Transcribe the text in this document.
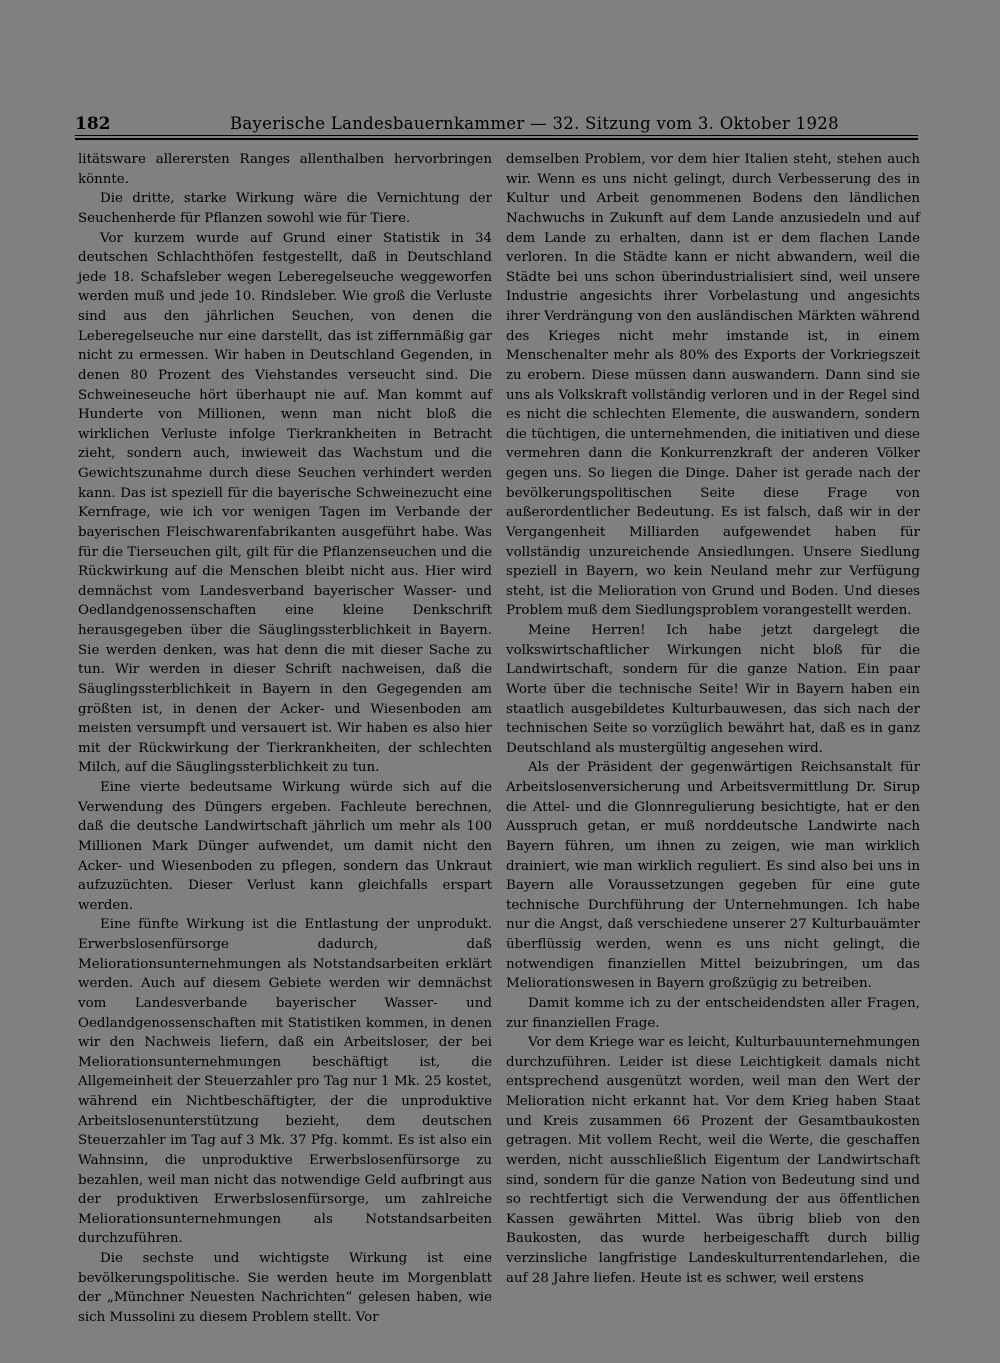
182	Bayerische Landesbauernkammer — 32. Sitzung vom 3. Oktober 1928

litätsware allerersten Ranges allenthalben hervorbringen könnte.

Die dritte, starke Wirkung wäre die Vernichtung der Seuchenherde für Pflanzen sowohl wie für Tiere.

Vor kurzem wurde auf Grund einer Statistik in 34 deutschen Schlachthöfen festgestellt, daß in Deutschland jede 18. Schafsleber wegen Leberegelseuche weggeworfen werden muß und jede 10. Rindsleber. Wie groß die Verluste sind aus den jährlichen Seuchen, von denen die Leberegelseuche nur eine darstellt, das ist ziffernmäßig gar nicht zu ermessen. Wir haben in Deutschland Gegenden, in denen 80 Prozent des Viehstandes verseucht sind. Die Schweineseuche hört überhaupt nie auf. Man kommt auf Hunderte von Millionen, wenn man nicht bloß die wirklichen Verluste infolge Tierkrankheiten in Betracht zieht, sondern auch, inwieweit das Wachstum und die Gewichtszunahme durch diese Seuchen verhindert werden kann. Das ist speziell für die bayerische Schweinezucht eine Kernfrage, wie ich vor wenigen Tagen im Verbande der bayerischen Fleischwarenfabrikanten ausgeführt habe. Was für die Tierseuchen gilt, gilt für die Pflanzenseuchen und die Rückwirkung auf die Menschen bleibt nicht aus. Hier wird demnächst vom Landesverband bayerischer Wasser- und Oedlandgenossenschaften eine kleine Denkschrift herausgegeben über die Säuglingssterblichkeit in Bayern. Sie werden denken, was hat denn die mit dieser Sache zu tun. Wir werden in dieser Schrift nachweisen, daß die Säuglingssterblichkeit in Bayern in den Gegegenden am größten ist, in denen der Acker- und Wiesenboden am meisten versumpft und versauert ist. Wir haben es also hier mit der Rückwirkung der Tierkrankheiten, der schlechten Milch, auf die Säuglingssterblichkeit zu tun.

Eine vierte bedeutsame Wirkung würde sich auf die Verwendung des Düngers ergeben. Fachleute berechnen, daß die deutsche Landwirtschaft jährlich um mehr als 100 Millionen Mark Dünger aufwendet, um damit nicht den Acker- und Wiesenboden zu pflegen, sondern das Unkraut aufzuzüchten. Dieser Verlust kann gleichfalls erspart werden.

Eine fünfte Wirkung ist die Entlastung der unprodukt. Erwerbslosenfürsorge dadurch, daß Meliorationsunternehmungen als Notstandsarbeiten erklärt werden. Auch auf diesem Gebiete werden wir demnächst vom Landesverbande bayerischer Wasser- und Oedlandgenossenschaften mit Statistiken kommen, in denen wir den Nachweis liefern, daß ein Arbeitsloser, der bei Meliorationsunternehmungen beschäftigt ist, die Allgemeinheit der Steuerzahler pro Tag nur 1 Mk. 25 kostet, während ein Nichtbeschäftigter, der die unproduktive Arbeitslosenunterstützung bezieht, dem deutschen Steuerzahler im Tag auf 3 Mk. 37 Pfg. kommt. Es ist also ein Wahnsinn, die unproduktive Erwerbslosenfürsorge zu bezahlen, weil man nicht das notwendige Geld aufbringt aus der produktiven Erwerbslosenfürsorge, um zahlreiche Meliorationsunternehmungen als Notstandsarbeiten durchzuführen.

Die sechste und wichtigste Wirkung ist eine bevölkerungspolitische. Sie werden heute im Morgenblatt der „Münchner Neuesten Nachrichten“ gelesen haben, wie sich Mussolini zu diesem Problem stellt. Vor

demselben Problem, vor dem hier Italien steht, stehen auch wir. Wenn es uns nicht gelingt, durch Verbesserung des in Kultur und Arbeit genommenen Bodens den ländlichen Nachwuchs in Zukunft auf dem Lande anzusiedeln und auf dem Lande zu erhalten, dann ist er dem flachen Lande verloren. In die Städte kann er nicht abwandern, weil die Städte bei uns schon überindustrialisiert sind, weil unsere Industrie angesichts ihrer Vorbelastung und angesichts ihrer Verdrängung von den ausländischen Märkten während des Krieges nicht mehr imstande ist, in einem Menschenalter mehr als 80% des Exports der Vorkriegszeit zu erobern. Diese müssen dann auswandern. Dann sind sie uns als Volkskraft vollständig verloren und in der Regel sind es nicht die schlechten Elemente, die auswandern, sondern die tüchtigen, die unternehmenden, die initiativen und diese vermehren dann die Konkurrenzkraft der anderen Völker gegen uns. So liegen die Dinge. Daher ist gerade nach der bevölkerungspolitischen Seite diese Frage von außerordentlicher Bedeutung. Es ist falsch, daß wir in der Vergangenheit Milliarden aufgewendet haben für vollständig unzureichende Ansiedlungen. Unsere Siedlung speziell in Bayern, wo kein Neuland mehr zur Verfügung steht, ist die Melioration von Grund und Boden. Und dieses Problem muß dem Siedlungsproblem vorangestellt werden.

Meine Herren! Ich habe jetzt dargelegt die volkswirtschaftlicher Wirkungen nicht bloß für die Landwirtschaft, sondern für die ganze Nation. Ein paar Worte über die technische Seite! Wir in Bayern haben ein staatlich ausgebildetes Kulturbauwesen, das sich nach der technischen Seite so vorzüglich bewährt hat, daß es in ganz Deutschland als mustergültig angesehen wird.

Als der Präsident der gegenwärtigen Reichsanstalt für Arbeitslosenversicherung und Arbeitsvermittlung Dr. Sirup die Attel- und die Glonnregulierung besichtigte, hat er den Ausspruch getan, er muß norddeutsche Landwirte nach Bayern führen, um ihnen zu zeigen, wie man wirklich drainiert, wie man wirklich reguliert. Es sind also bei uns in Bayern alle Voraussetzungen gegeben für eine gute technische Durchführung der Unternehmungen. Ich habe nur die Angst, daß verschiedene unserer 27 Kulturbauämter überflüssig werden, wenn es uns nicht gelingt, die notwendigen finanziellen Mittel beizubringen, um das Meliorationswesen in Bayern großzügig zu betreiben.

Damit komme ich zu der entscheidendsten aller Fragen, zur finanziellen Frage.

Vor dem Kriege war es leicht, Kulturbauunternehmungen durchzuführen. Leider ist diese Leichtigkeit damals nicht entsprechend ausgenützt worden, weil man den Wert der Melioration nicht erkannt hat. Vor dem Krieg haben Staat und Kreis zusammen 66 Prozent der Gesamtbaukosten getragen. Mit vollem Recht, weil die Werte, die geschaffen werden, nicht ausschließlich Eigentum der Landwirtschaft sind, sondern für die ganze Nation von Bedeutung sind und so rechtfertigt sich die Verwendung der aus öffentlichen Kassen gewährten Mittel. Was übrig blieb von den Baukosten, das wurde herbeigeschafft durch billig verzinsliche langfristige Landeskulturrentendarlehen, die auf 28 Jahre liefen. Heute ist es schwer, weil erstens
